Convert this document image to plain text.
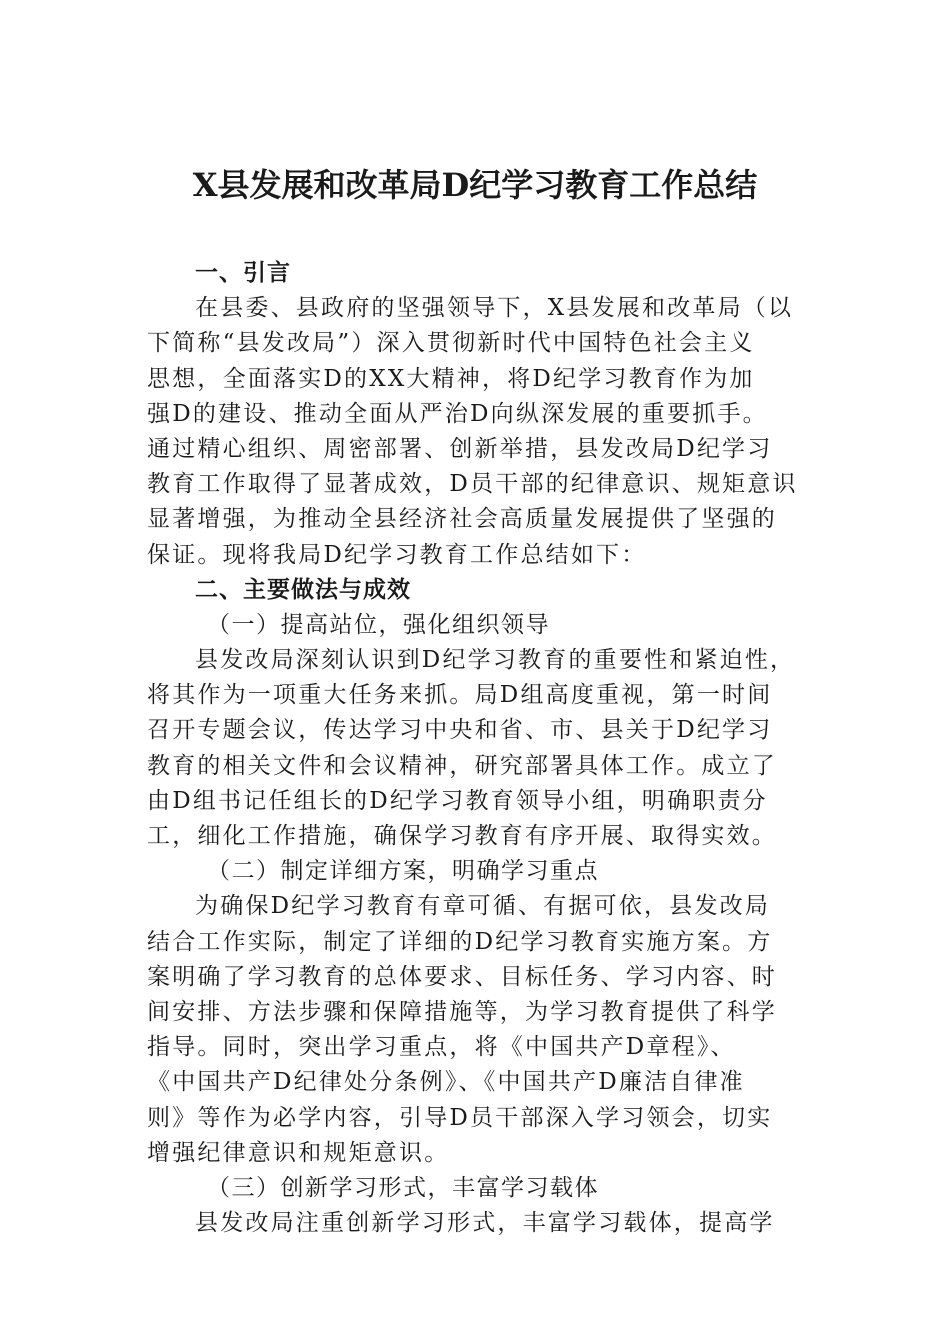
X县发展和改革局D纪学习教育工作总结
一、引言
在县委、县政府的坚强领导下，X县发展和改革局（以
下简称“县发改局”）深入贯彻新时代中国特色社会主义
思想，全面落实D的XX大精神，将D纪学习教育作为加
强D的建设、推动全面从严治D向纵深发展的重要抓手。
通过精心组织、周密部署、创新举措，县发改局D纪学习
教育工作取得了显著成效，D员干部的纪律意识、规矩意识
显著增强，为推动全县经济社会高质量发展提供了坚强的
保证。现将我局D纪学习教育工作总结如下：
二、主要做法与成效
（一）提高站位，强化组织领导
县发改局深刻认识到D纪学习教育的重要性和紧迫性，
将其作为一项重大任务来抓。局D组高度重视，第一时间
召开专题会议，传达学习中央和省、市、县关于D纪学习
教育的相关文件和会议精神，研究部署具体工作。成立了
由D组书记任组长的D纪学习教育领导小组，明确职责分
工，细化工作措施，确保学习教育有序开展、取得实效。
（二）制定详细方案，明确学习重点
为确保D纪学习教育有章可循、有据可依，县发改局
结合工作实际，制定了详细的D纪学习教育实施方案。方
案明确了学习教育的总体要求、目标任务、学习内容、时
间安排、方法步骤和保障措施等，为学习教育提供了科学
指导。同时，突出学习重点，将《中国共产D章程》、
《中国共产D纪律处分条例》、《中国共产D廉洁自律准
则》等作为必学内容，引导D员干部深入学习领会，切实
增强纪律意识和规矩意识。
（三）创新学习形式，丰富学习载体
县发改局注重创新学习形式，丰富学习载体，提高学
